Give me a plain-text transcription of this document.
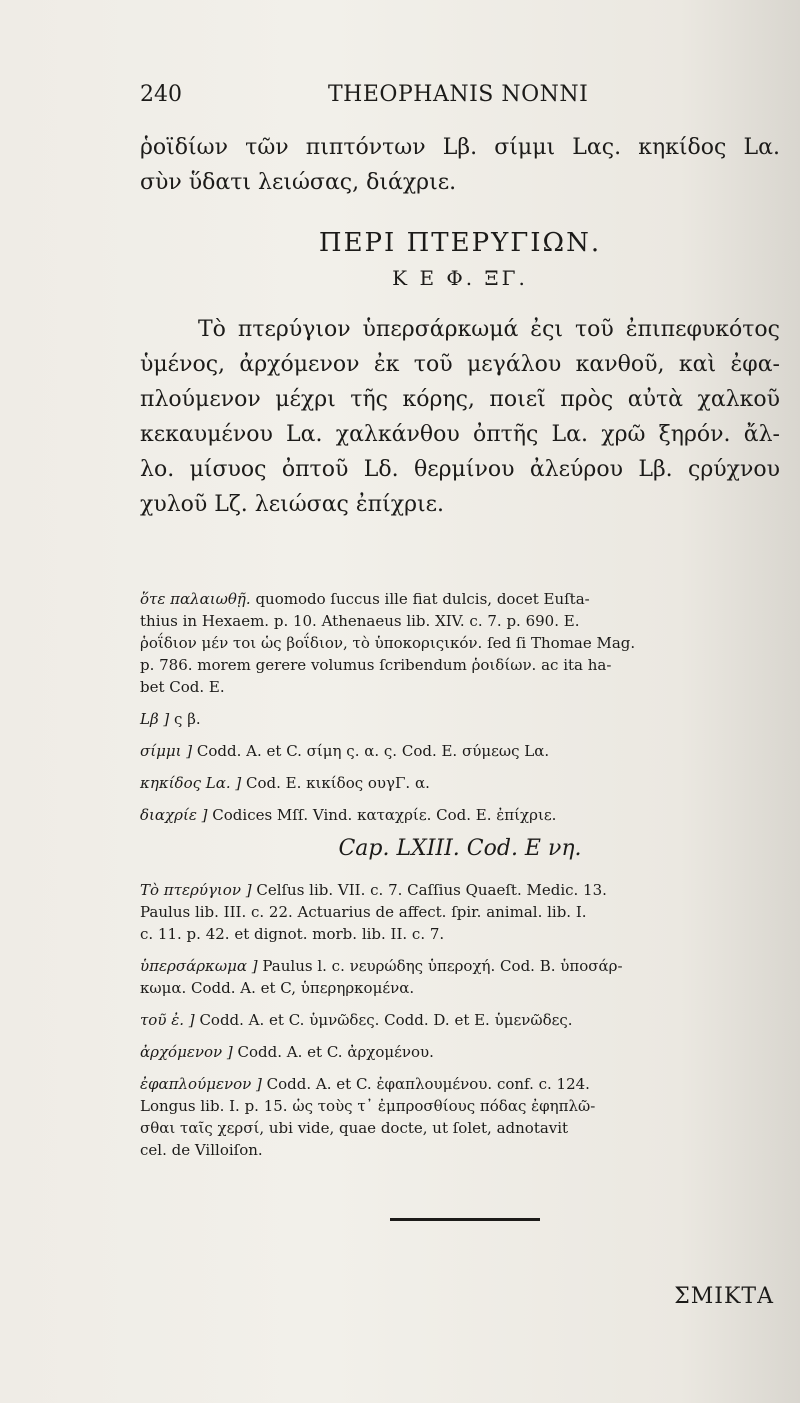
240	THEOPHANIS NONNI
ῥοϊδίων τῶν πιπτόντων Lβ. σίμμι Lας. κηκίδος Lα.
σὺν ὕδατι λειώσας, διάχριε.
ΠΕΡΙ ΠΤΕΡΥΓΙΩΝ.
Κ Ε Φ. ΞΓ.
Τὸ πτερύγιον ὑπερσάρκωμά ἐςι τοῦ ἐπιπεφυκότος
ὑμένος, ἀρχόμενον ἐκ τοῦ μεγάλου κανθοῦ, καὶ ἐφα-
πλούμενον μέχρι τῆς κόρης, ποιεῖ πρὸς αὐτὰ χαλκοῦ
κεκαυμένου Lα. χαλκάνθου ὀπτῆς Lα. χρῶ ξηρόν. ἄλ-
λο. μίσυος ὀπτοῦ Lδ. θερμίνου ἀλεύρου Lβ. ςρύχνου
χυλοῦ Lζ. λειώσας ἐπίχριε.
ὅτε παλαιωθῇ. quomodo ſuccus ille fiat dulcis, docet Euſta-
thius in Hexaem. p. 10. Athenaeus lib. XIV. c. 7. p. 690. E.
ῥοΐδιον μέν τοι ὡς βοΐδιον, τὸ ὑποκοριςικόν. ſed ſi Thomae Mag.
p. 786. morem gerere volumus ſcribendum ῥοιδίων. ac ita ha-
bet Cod. E.
Lβ ] ς β.
σίμμι ] Codd. A. et C. σίμη ς. α. ς. Cod. E. σύμεως Lα.
κηκίδος Lα. ] Cod. E. κικίδος ουγΓ. α.
διαχρίε ] Codices Mſſ. Vind. καταχρίε. Cod. E. ἐπίχριε.
Cap. LXIII. Cod. E νη.
Τὸ πτερύγιον ] Celſus lib. VII. c. 7. Caſſius Quaeſt. Medic. 13.
Paulus lib. III. c. 22. Actuarius de affect. ſpir. animal. lib. I.
c. 11. p. 42. et dignot. morb. lib. II. c. 7.
ὑπερσάρκωμα ] Paulus l. c. νευρώδης ὑπεροχή. Cod. B. ὑποσάρ-
κωμα. Codd. A. et C, ὑπερηρκομένα.
τοῦ ἐ. ] Codd. A. et C. ὑμνῶδες. Codd. D. et E. ὑμενῶδες.
ἀρχόμενον ] Codd. A. et C. ἀρχομένου.
ἐφαπλούμενον ] Codd. A. et C. ἐφαπλουμένου. conf. c. 124.
Longus lib. I. p. 15. ὡς τοὺς τ᾽ ἐμπροσθίους πόδας ἐφηπλῶ-
σθαι ταῖς χερσί, ubi vide, quae docte, ut ſolet, adnotavit
cel. de Villoiſon.
ΣΜΙΚΤΑ
